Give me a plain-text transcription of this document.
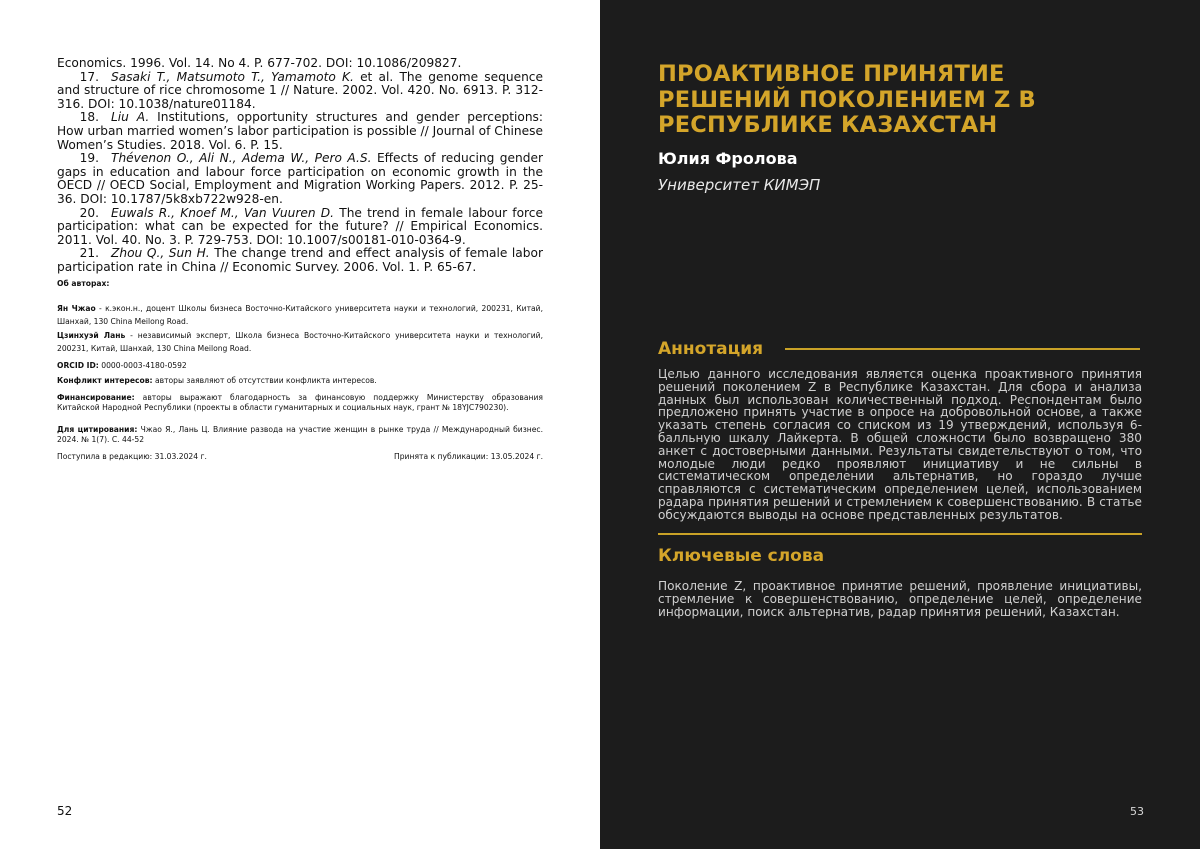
Economics. 1996. Vol. 14. No 4. P. 677-702. DOI: 10.1086/209827.

17. Sasaki T., Matsumoto T., Yamamoto K. et al. The genome sequence and structure of rice chromosome 1 // Nature. 2002. Vol. 420. No. 6913. P. 312-316. DOI: 10.1038/nature01184.

18. Liu A. Institutions, opportunity structures and gender perceptions: How urban married women’s labor participation is possible // Journal of Chinese Women’s Studies. 2018. Vol. 6. P. 15.

19. Thévenon O., Ali N., Adema W., Pero A.S. Effects of reducing gender gaps in education and labour force participation on economic growth in the OECD // OECD Social, Employment and Migration Working Papers. 2012. P. 25-36. DOI: 10.1787/5k8xb722w928-en.

20. Euwals R., Knoef M., Van Vuuren D. The trend in female labour force participation: what can be expected for the future? // Empirical Economics. 2011. Vol. 40. No. 3. P. 729-753. DOI: 10.1007/s00181-010-0364-9.

21. Zhou Q., Sun H. The change trend and effect analysis of female labor participation rate in China // Economic Survey. 2006. Vol. 1. P. 65-67.

Об авторах:
Ян Чжао - к.экон.н., доцент Школы бизнеса Восточно-Китайского университета науки и технологий, 200231, Китай, Шанхай, 130 China Meilong Road.
Цзинхуэй Лань - независимый эксперт, Школа бизнеса Восточно-Китайского университета науки и технологий, 200231, Китай, Шанхай, 130 China Meilong Road.
ORCID ID: 0000-0003-4180-0592
Конфликт интересов: авторы заявляют об отсутствии конфликта интересов.
Финансирование: авторы выражают благодарность за финансовую поддержку Министерству образования Китайской Народной Республики (проекты в области гуманитарных и социальных наук, грант № 18YJC790230).
Для цитирования: Чжао Я., Лань Ц. Влияние развода на участие женщин в рынке труда // Международный бизнес. 2024. № 1(7). С. 44-52
Поступила в редакцию: 31.03.2024 г.	Принята к публикации: 13.05.2024 г.
52
ПРОАКТИВНОЕ ПРИНЯТИЕ РЕШЕНИЙ ПОКОЛЕНИЕМ Z В РЕСПУБЛИКЕ КАЗАХСТАН
Юлия Фролова
Университет КИМЭП
Аннотация
Целью данного исследования является оценка проактивного принятия решений поколением Z в Республике Казахстан. Для сбора и анализа данных был использован количественный подход. Респондентам было предложено принять участие в опросе на добровольной основе, а также указать степень согласия со списком из 19 утверждений, используя 6-балльную шкалу Лайкерта. В общей сложности было возвращено 380 анкет с достоверными данными. Результаты свидетельствуют о том, что молодые люди редко проявляют инициативу и не сильны в систематическом определении альтернатив, но гораздо лучше справляются с систематическим определением целей, использованием радара принятия решений и стремлением к совершенствованию. В статье обсуждаются выводы на основе представленных результатов.
Ключевые слова
Поколение Z, проактивное принятие решений, проявление инициативы, стремление к совершенствованию, определение целей, определение информации, поиск альтернатив, радар принятия решений, Казахстан.
53
